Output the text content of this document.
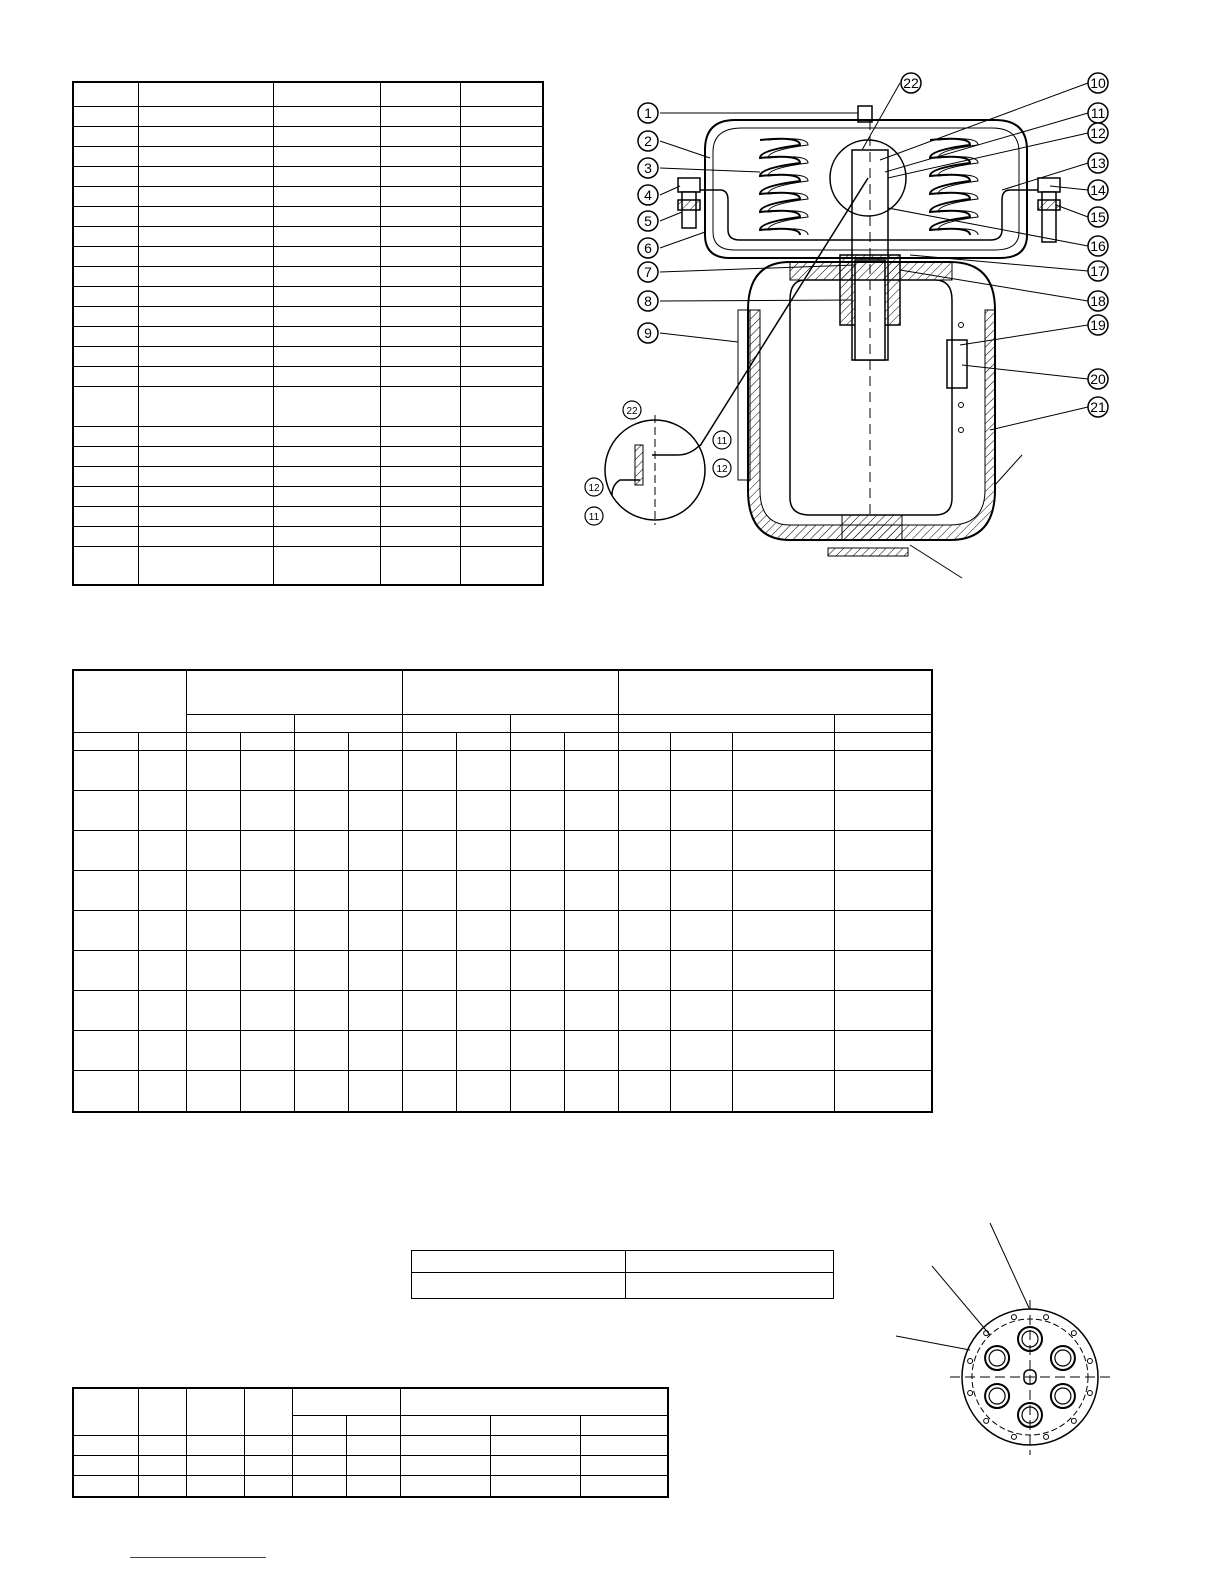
1
2
3
4
5
6
7
8
9
10
11
12
13
14
15
16
17
18
19
20
21
22
22
11
12
12
11
